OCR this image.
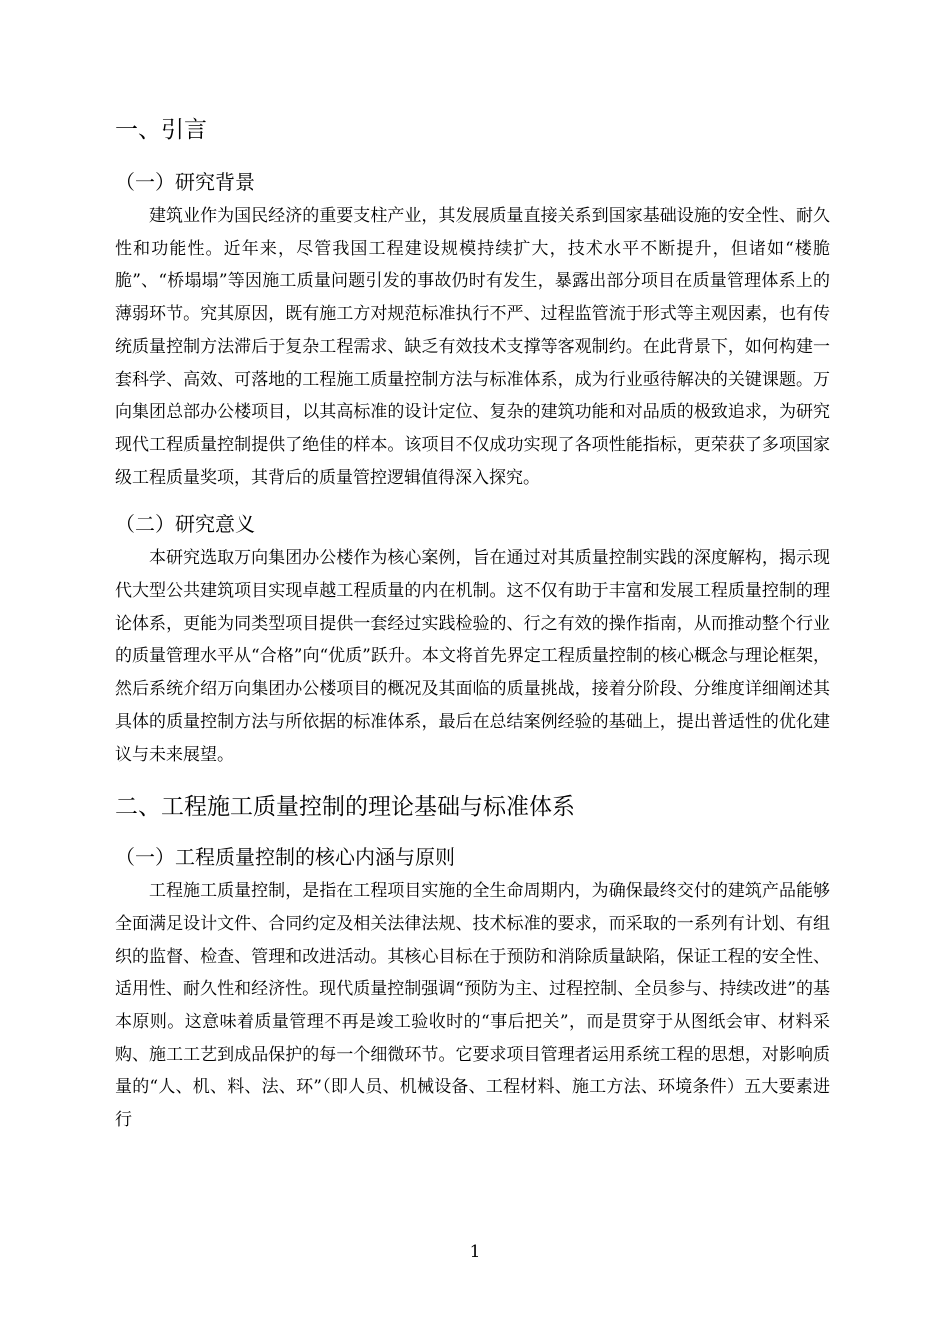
一、引言
（一）研究背景

建筑业作为国民经济的重要支柱产业，其发展质量直接关系到国家基础设施的安全性、耐久性和功能性。近年来，尽管我国工程建设规模持续扩大，技术水平不断提升，但诸如“楼脆脆”、“桥塌塌”等因施工质量问题引发的事故仍时有发生，暴露出部分项目在质量管理体系上的薄弱环节。究其原因，既有施工方对规范标准执行不严、过程监管流于形式等主观因素，也有传统质量控制方法滞后于复杂工程需求、缺乏有效技术支撑等客观制约。在此背景下，如何构建一套科学、高效、可落地的工程施工质量控制方法与标准体系，成为行业亟待解决的关键课题。万向集团总部办公楼项目，以其高标准的设计定位、复杂的建筑功能和对品质的极致追求，为研究现代工程质量控制提供了绝佳的样本。该项目不仅成功实现了各项性能指标，更荣获了多项国家级工程质量奖项，其背后的质量管控逻辑值得深入探究。

（二）研究意义

本研究选取万向集团办公楼作为核心案例，旨在通过对其质量控制实践的深度解构，揭示现代大型公共建筑项目实现卓越工程质量的内在机制。这不仅有助于丰富和发展工程质量控制的理论体系，更能为同类型项目提供一套经过实践检验的、行之有效的操作指南，从而推动整个行业的质量管理水平从“合格”向“优质”跃升。本文将首先界定工程质量控制的核心概念与理论框架，然后系统介绍万向集团办公楼项目的概况及其面临的质量挑战，接着分阶段、分维度详细阐述其具体的质量控制方法与所依据的标准体系，最后在总结案例经验的基础上，提出普适性的优化建议与未来展望。

二、工程施工质量控制的理论基础与标准体系
（一）工程质量控制的核心内涵与原则

工程施工质量控制，是指在工程项目实施的全生命周期内，为确保最终交付的建筑产品能够全面满足设计文件、合同约定及相关法律法规、技术标准的要求，而采取的一系列有计划、有组织的监督、检查、管理和改进活动。其核心目标在于预防和消除质量缺陷，保证工程的安全性、适用性、耐久性和经济性。现代质量控制强调“预防为主、过程控制、全员参与、持续改进”的基本原则。这意味着质量管理不再是竣工验收时的“事后把关”，而是贯穿于从图纸会审、材料采购、施工工艺到成品保护的每一个细微环节。它要求项目管理者运用系统工程的思想，对影响质量的“人、机、料、法、环”（即人员、机械设备、工程材料、施工方法、环境条件）五大要素进行

1
